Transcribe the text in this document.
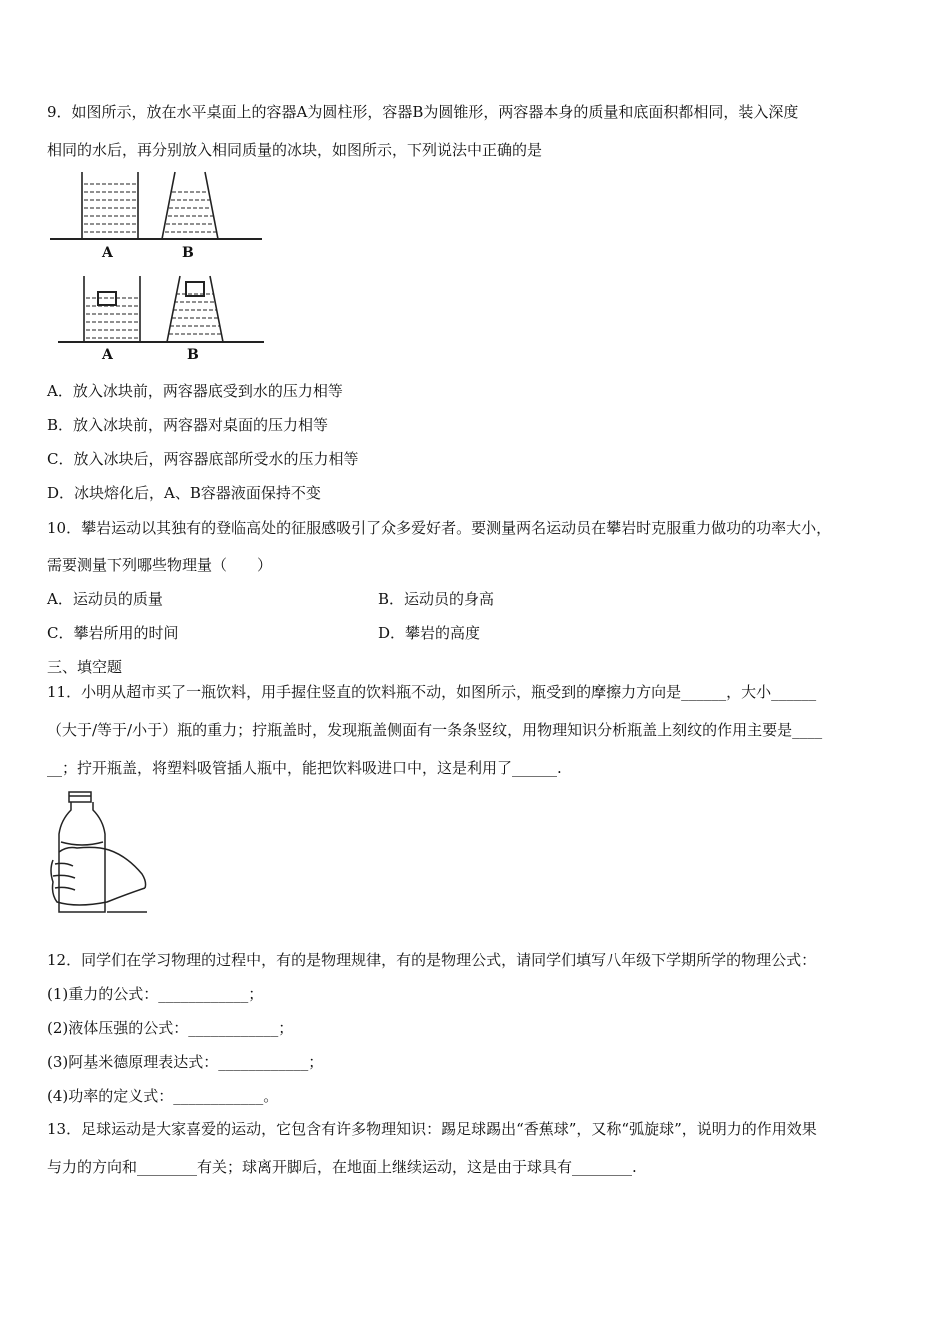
9．如图所示，放在水平桌面上的容器A为圆柱形，容器B为圆锥形，两容器本身的质量和底面积都相同，装入深度
相同的水后，再分别放入相同质量的冰块，如图所示，下列说法中正确的是
A	B
A	B
A．放入冰块前，两容器底受到水的压力相等
B．放入冰块前，两容器对桌面的压力相等
C．放入冰块后，两容器底部所受水的压力相等
D．冰块熔化后，A、B容器液面保持不变
10．攀岩运动以其独有的登临高处的征服感吸引了众多爱好者。要测量两名运动员在攀岩时克服重力做功的功率大小，
需要测量下列哪些物理量（　　）
A．运动员的质量	B．运动员的身高
C．攀岩所用的时间	D．攀岩的高度
三、填空题
11．小明从超市买了一瓶饮料，用手握住竖直的饮料瓶不动，如图所示，瓶受到的摩擦力方向是______，大小______
（大于/等于/小于）瓶的重力；拧瓶盖时，发现瓶盖侧面有一条条竖纹，用物理知识分析瓶盖上刻纹的作用主要是____
__；拧开瓶盖，将塑料吸管插人瓶中，能把饮料吸进口中，这是利用了______.
12．同学们在学习物理的过程中，有的是物理规律，有的是物理公式，请同学们填写八年级下学期所学的物理公式：
(1)重力的公式：____________；
(2)液体压强的公式：____________；
(3)阿基米德原理表达式：____________；
(4)功率的定义式：____________。
13．足球运动是大家喜爱的运动，它包含有许多物理知识：踢足球踢出“香蕉球”，又称“弧旋球”，说明力的作用效果
与力的方向和________有关；球离开脚后，在地面上继续运动，这是由于球具有________.
